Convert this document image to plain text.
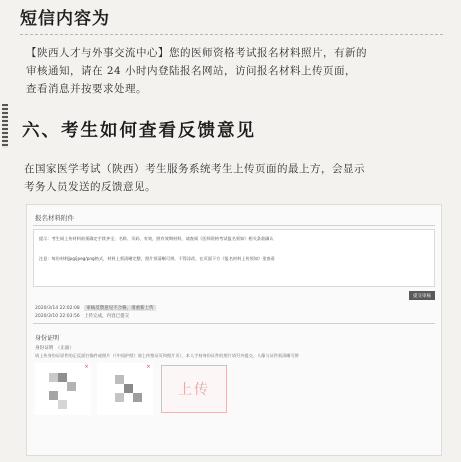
短信内容为
【陕西人才与外事交流中心】您的医师资格考试报名材料照片，有新的
审核通知，请在 24 小时内登陆报名网站，访问报名材料上传页面，
查看消息并按要求处理。
六、考生如何查看反馈意见
在国家医学考试（陕西）考生服务系统考生上传页面的最上方，会显示
考务人员发送的反馈意见。
报名材料附件
提示：考生网上传材料前须确定手续齐全、名称、页码、有效，照有效期材料，请查阅《医师资格考试报名须知》相关条款确认
注意：每份材料Jpg/jpeg/png格式，材料上须清晰完整，照片须清晰可辨，不得涂改，在页面下方《报名材料上传须知》里查看
提交审核
2020/3/14 22:02:08 审核反馈意见不合格，请重新上传
2020/3/10 22:03:56 上传完成，内容已提交
身份证明
身份证明　（正面）
请上传身份证原件的正反面扫描件或照片（《中国护照》请上传签证页和照片页），本人手持身份证件的照片请另外提交，人像与证件须清晰可辨
×	×
上传
